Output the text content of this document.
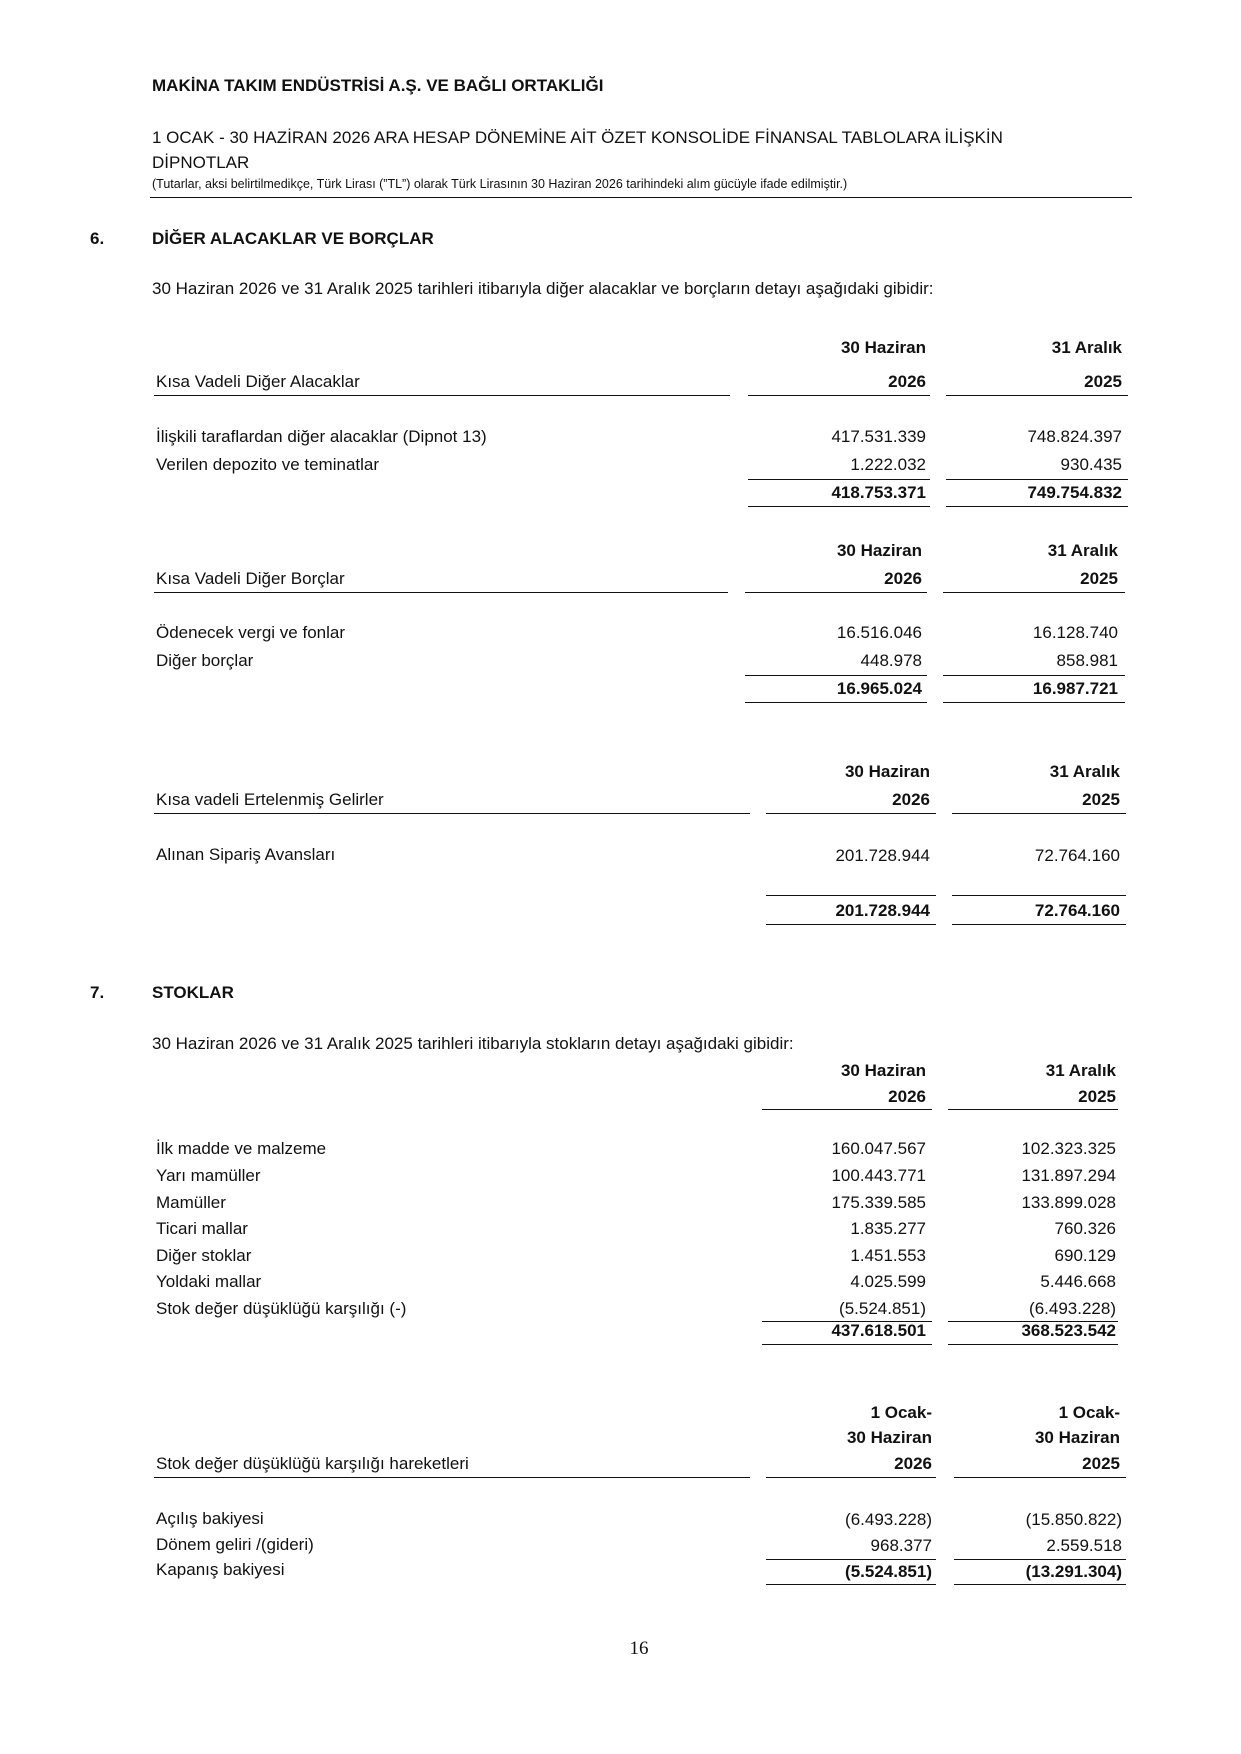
MAKİNA TAKIM ENDÜSTRİSİ A.Ş. VE BAĞLI ORTAKLIĞI
1 OCAK - 30 HAZİRAN 2026 ARA HESAP DÖNEMİNE AİT ÖZET KONSOLİDE FİNANSAL TABLOLARA İLİŞKİN
DİPNOTLAR
(Tutarlar, aksi belirtilmedikçe, Türk Lirası (”TL”) olarak Türk Lirasının 30 Haziran 2026 tarihindeki alım gücüyle ifade edilmiştir.)
6.	DİĞER ALACAKLAR VE BORÇLAR
30 Haziran 2026 ve 31 Aralık 2025 tarihleri itibarıyla diğer alacaklar ve borçların detayı aşağıdaki gibidir:
30 Haziran	31 Aralık
Kısa Vadeli Diğer Alacaklar	2026	2025
İlişkili taraflardan diğer alacaklar (Dipnot 13)	417.531.339	748.824.397
Verilen depozito ve teminatlar	1.222.032	930.435
418.753.371	749.754.832
30 Haziran	31 Aralık
Kısa Vadeli Diğer Borçlar	2026	2025
Ödenecek vergi ve fonlar	16.516.046	16.128.740
Diğer borçlar	448.978	858.981
16.965.024	16.987.721
30 Haziran	31 Aralık
Kısa vadeli Ertelenmiş Gelirler	2026	2025
Alınan Sipariş Avansları	201.728.944	72.764.160
201.728.944	72.764.160
7.	STOKLAR
30 Haziran 2026 ve 31 Aralık 2025 tarihleri itibarıyla stokların detayı aşağıdaki gibidir:
30 Haziran	31 Aralık
2026	2025
İlk madde ve malzeme	160.047.567	102.323.325
Yarı mamüller	100.443.771	131.897.294
Mamüller	175.339.585	133.899.028
Ticari mallar	1.835.277	760.326
Diğer stoklar	1.451.553	690.129
Yoldaki mallar	4.025.599	5.446.668
Stok değer düşüklüğü karşılığı (-)	(5.524.851)	(6.493.228)
437.618.501	368.523.542
1 Ocak-	1 Ocak-
30 Haziran	30 Haziran
Stok değer düşüklüğü karşılığı hareketleri	2026	2025
Açılış bakiyesi	(6.493.228)	(15.850.822)
Dönem geliri /(gideri)	968.377	2.559.518
Kapanış bakiyesi	(5.524.851)	(13.291.304)
16
